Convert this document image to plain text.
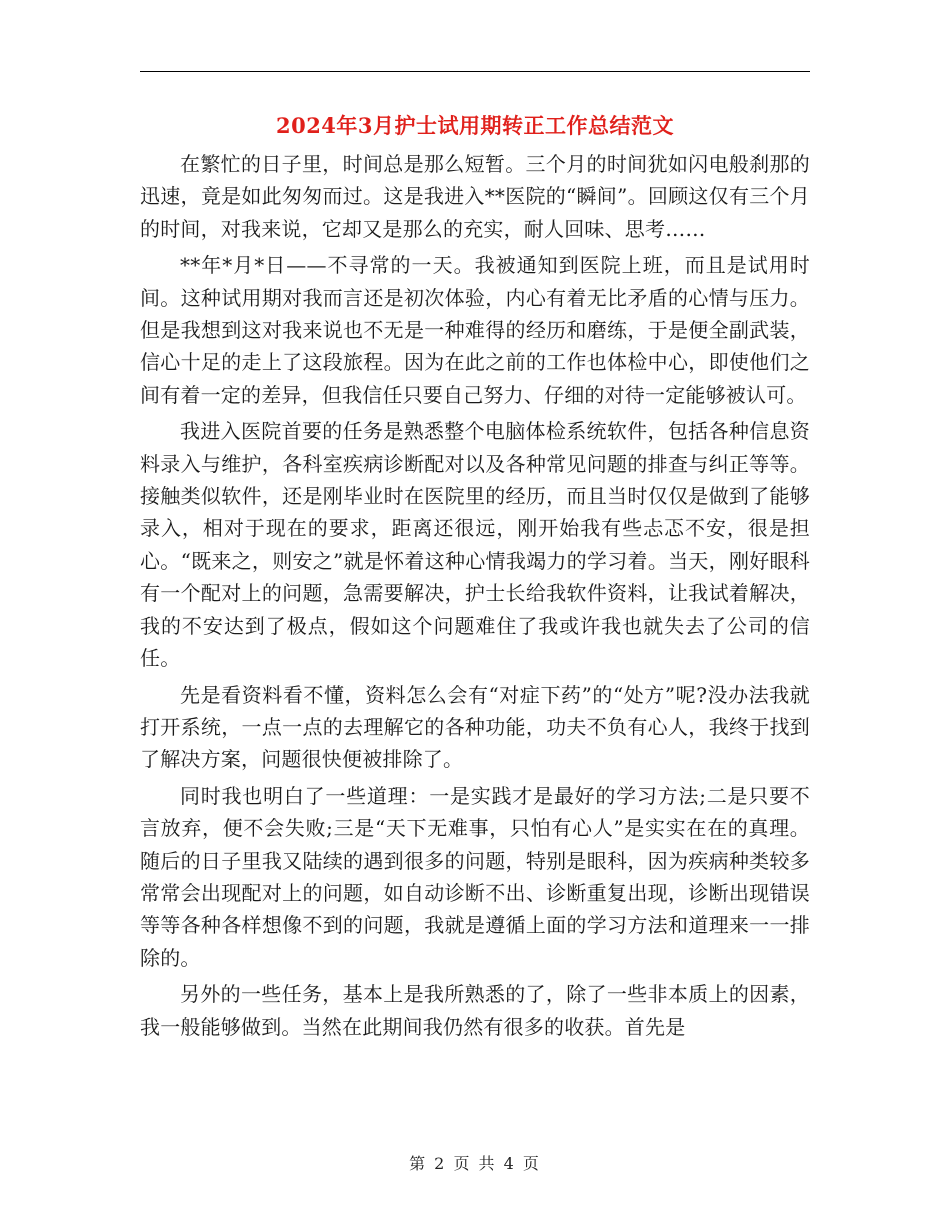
2024年3月护士试用期转正工作总结范文

在繁忙的日子里，时间总是那么短暂。三个月的时间犹如闪电般刹那的迅速，竟是如此匆匆而过。这是我进入**医院的“瞬间”。回顾这仅有三个月的时间，对我来说，它却又是那么的充实，耐人回味、思考……

**年*月*日——不寻常的一天。我被通知到医院上班，而且是试用时间。这种试用期对我而言还是初次体验，内心有着无比矛盾的心情与压力。但是我想到这对我来说也不无是一种难得的经历和磨练，于是便全副武装，信心十足的走上了这段旅程。因为在此之前的工作也体检中心，即使他们之间有着一定的差异，但我信任只要自己努力、仔细的对待一定能够被认可。

我进入医院首要的任务是熟悉整个电脑体检系统软件，包括各种信息资料录入与维护，各科室疾病诊断配对以及各种常见问题的排查与纠正等等。接触类似软件，还是刚毕业时在医院里的经历，而且当时仅仅是做到了能够录入，相对于现在的要求，距离还很远，刚开始我有些忐忑不安，很是担心。“既来之，则安之”就是怀着这种心情我竭力的学习着。当天，刚好眼科有一个配对上的问题，急需要解决，护士长给我软件资料，让我试着解决，我的不安达到了极点，假如这个问题难住了我或许我也就失去了公司的信任。

先是看资料看不懂，资料怎么会有“对症下药”的“处方”呢?没办法我就打开系统，一点一点的去理解它的各种功能，功夫不负有心人，我终于找到了解决方案，问题很快便被排除了。

同时我也明白了一些道理：一是实践才是最好的学习方法;二是只要不言放弃，便不会失败;三是“天下无难事，只怕有心人”是实实在在的真理。随后的日子里我又陆续的遇到很多的问题，特别是眼科，因为疾病种类较多常常会出现配对上的问题，如自动诊断不出、诊断重复出现，诊断出现错误等等各种各样想像不到的问题，我就是遵循上面的学习方法和道理来一一排除的。

另外的一些任务，基本上是我所熟悉的了，除了一些非本质上的因素，我一般能够做到。当然在此期间我仍然有很多的收获。首先是

第 2 页 共 4 页
